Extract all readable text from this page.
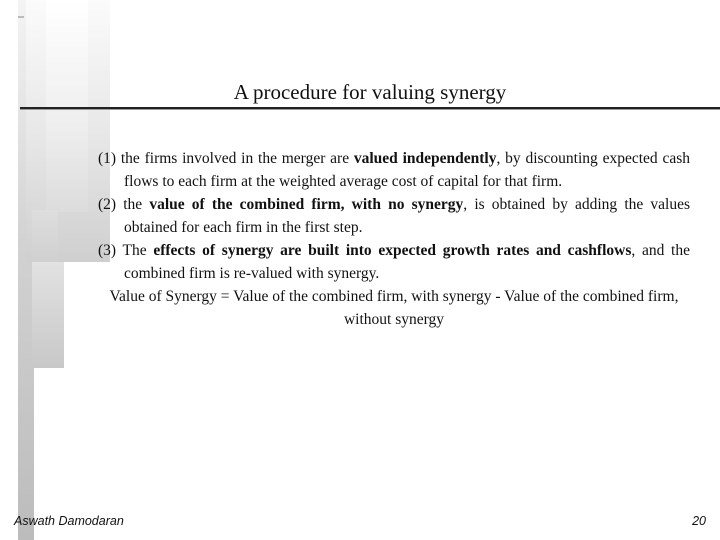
A procedure for valuing synergy

(1) the firms involved in the merger are valued independently, by discounting expected cash flows to each firm at the weighted average cost of capital for that firm.

(2) the value of the combined firm, with no synergy, is obtained by adding the values obtained for each firm in the first step.

(3) The effects of synergy are built into expected growth rates and cashflows, and the combined firm is re-valued with synergy.

Value of Synergy = Value of the combined firm, with synergy - Value of the combined firm, without synergy

Aswath Damodaran	20
